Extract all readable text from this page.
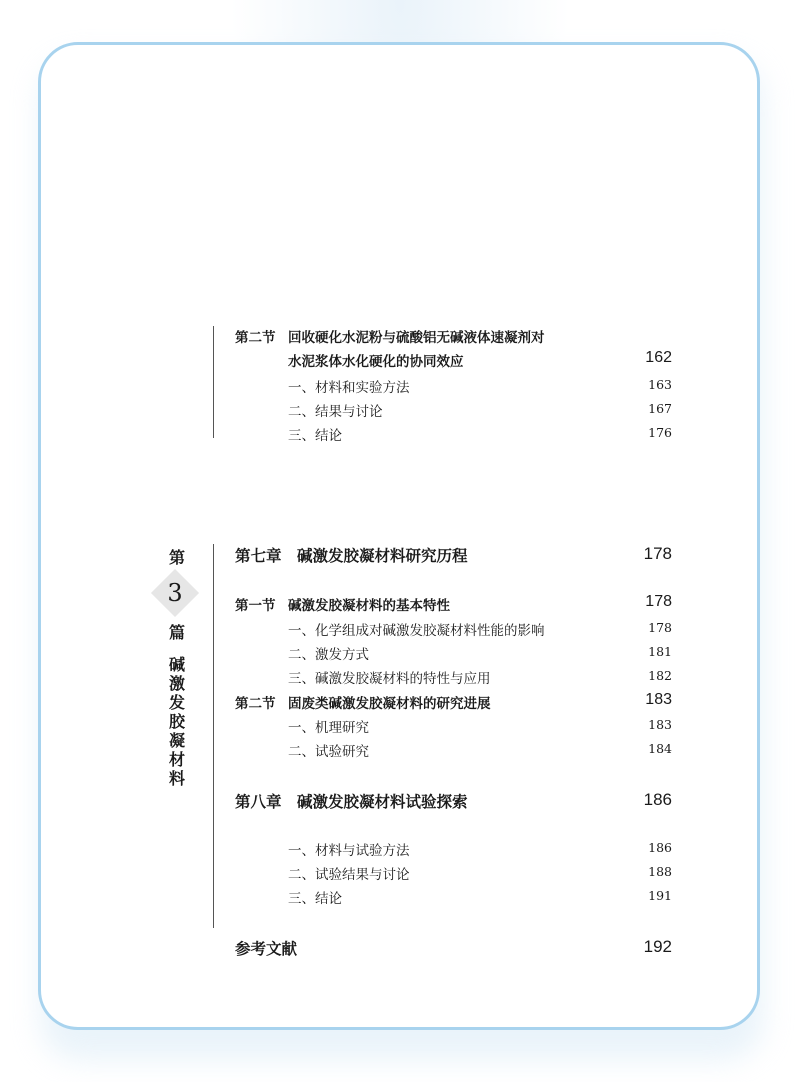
第二节 回收硬化水泥粉与硫酸铝无碱液体速凝剂对
水泥浆体水化硬化的协同效应	162
一、材料和实验方法	163
二、结果与讨论	167
三、结论	176
第
3
篇
碱
激
发
胶
凝
材
料
第七章 碱激发胶凝材料研究历程	178
第一节 碱激发胶凝材料的基本特性	178
一、化学组成对碱激发胶凝材料性能的影响	178
二、激发方式	181
三、碱激发胶凝材料的特性与应用	182
第二节 固废类碱激发胶凝材料的研究进展	183
一、机理研究	183
二、试验研究	184
第八章 碱激发胶凝材料试验探索	186
一、材料与试验方法	186
二、试验结果与讨论	188
三、结论	191
参考文献	192
